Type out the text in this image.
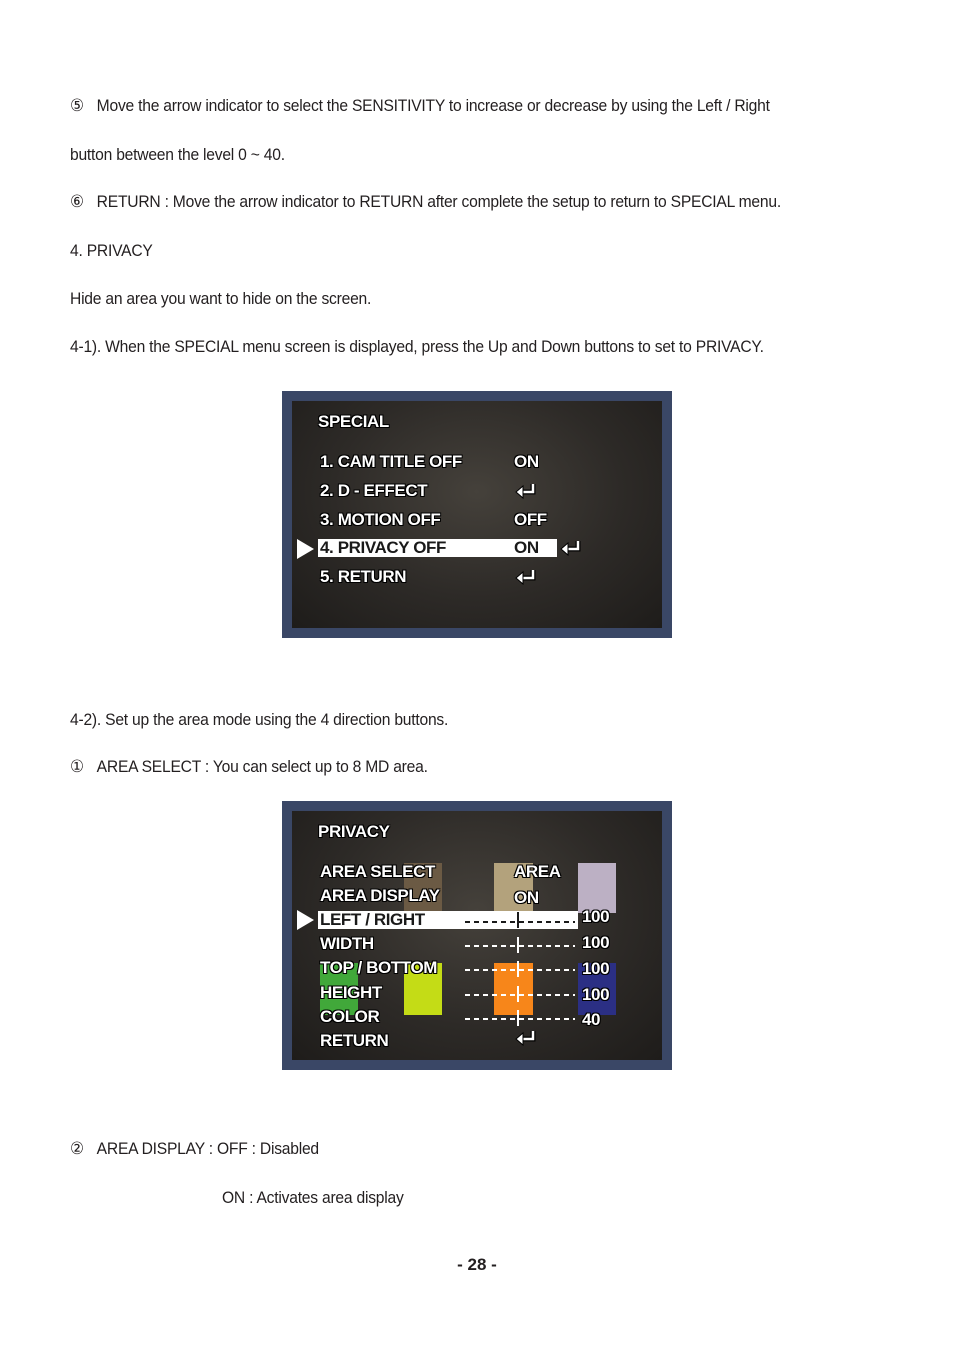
⑤ Move the arrow indicator to select the SENSITIVITY to increase or decrease by using the Left / Right
button between the level 0 ~ 40.
⑥ RETURN : Move the arrow indicator to RETURN after complete the setup to return to SPECIAL menu.
4. PRIVACY
Hide an area you want to hide on the screen.
4-1). When the SPECIAL menu screen is displayed, press the Up and Down buttons to set to PRIVACY.
SPECIAL
1. CAM TITLE OFF	ON
2. D - EFFECT
3. MOTION OFF	OFF
4. PRIVACY OFF	ON
5. RETURN
4-2). Set up the area mode using the 4 direction buttons.
① AREA SELECT : You can select up to 8 MD area.
PRIVACY
AREA SELECT	AREA
AREA DISPLAY	ON
LEFT / RIGHT	100
WIDTH	100
TOP / BOTTOM	100
HEIGHT	100
COLOR	40
RETURN
② AREA DISPLAY : OFF : Disabled
ON : Activates area display
- 28 -
